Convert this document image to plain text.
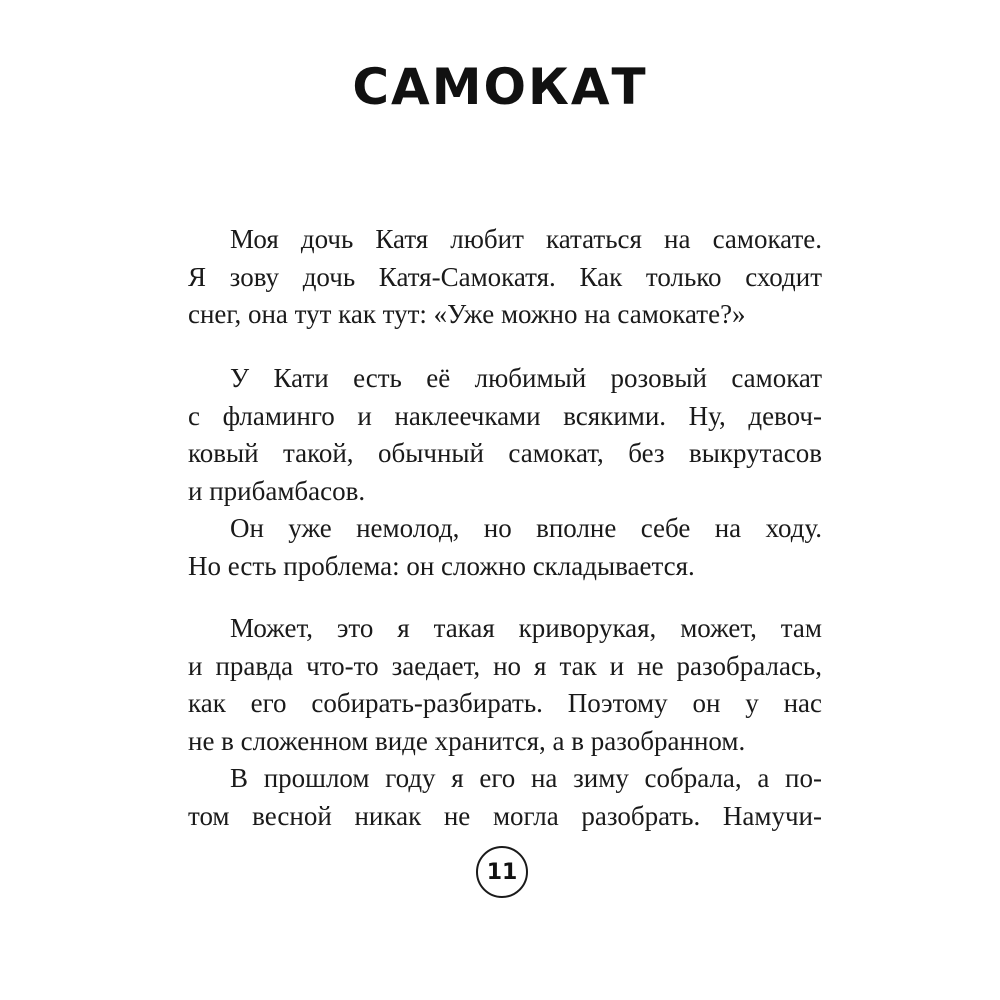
САМОКАТ
Моя дочь Катя любит кататься на самокате.
Я зову дочь Катя-Самокатя. Как только сходит
снег, она тут как тут: «Уже можно на самокате?»
У Кати есть её любимый розовый самокат
с фламинго и наклеечками всякими. Ну, девоч-
ковый такой, обычный самокат, без выкрутасов
и прибамбасов.
Он уже немолод, но вполне себе на ходу.
Но есть проблема: он сложно складывается.
Может, это я такая криворукая, может, там
и правда что-то заедает, но я так и не разобралась,
как его собирать-разбирать. Поэтому он у нас
не в сложенном виде хранится, а в разобранном.
В прошлом году я его на зиму собрала, а по-
том весной никак не могла разобрать. Намучи-
11
